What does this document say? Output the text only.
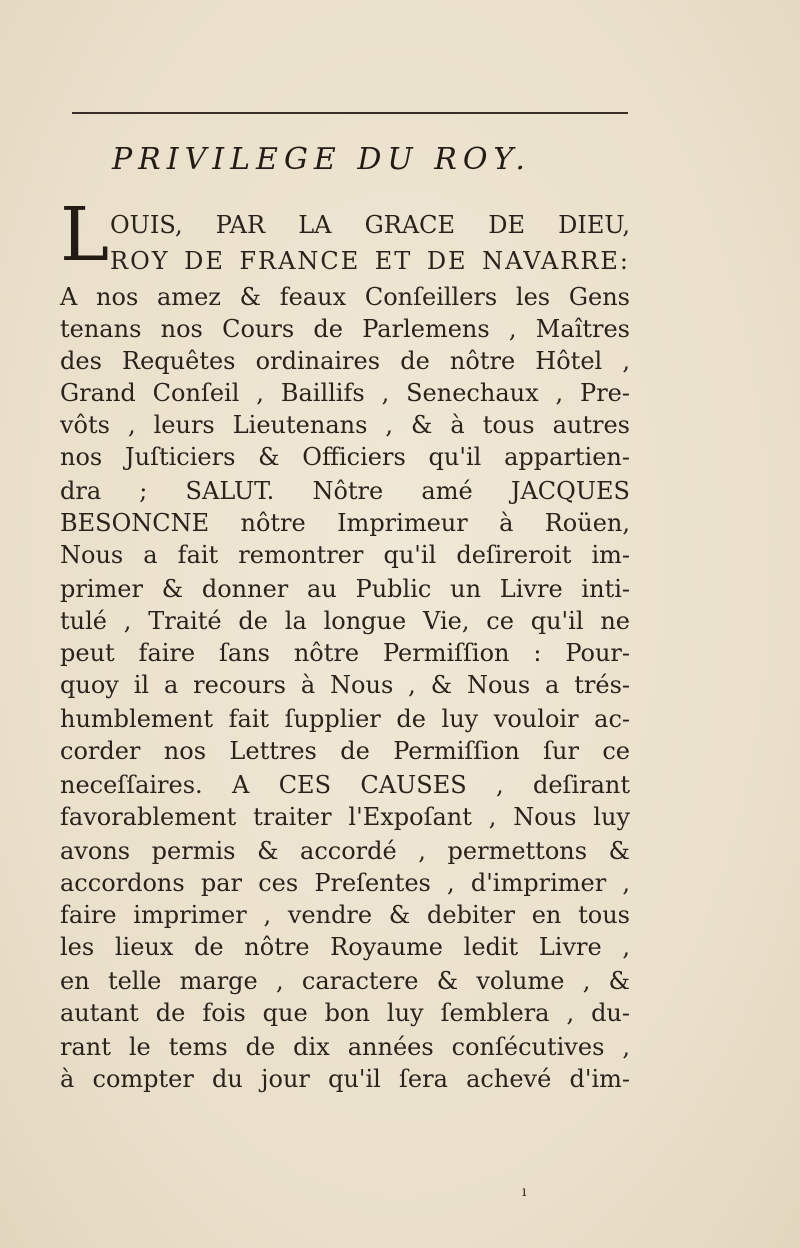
PRIVILEGE DU ROY.
L OUIS, PAR LA GRACE DE DIEU,
ROY DE FRANCE ET DE NAVARRE:
A nos amez & feaux Conſeillers les Gens
tenans nos Cours de Parlemens , Maîtres
des Requêtes ordinaires de nôtre Hôtel ,
Grand Conſeil , Baillifs , Senechaux , Pre-
vôts , leurs Lieutenans , & à tous autres
nos Juſticiers & Officiers qu'il appartien-
dra ; SALUT. Nôtre amé JACQUES
BESONCNE nôtre Imprimeur à Roüen,
Nous a fait remontrer qu'il deſireroit im-
primer & donner au Public un Livre inti-
tulé , Traité de la longue Vie, ce qu'il ne
peut faire ſans nôtre Permiſſion : Pour-
quoy il a recours à Nous , & Nous a trés-
humblement fait ſupplier de luy vouloir ac-
corder nos Lettres de Permiſſion ſur ce
neceſſaires. A CES CAUSES , deſirant
favorablement traiter l'Expoſant , Nous luy
avons permis & accordé , permettons &
accordons par ces Preſentes , d'imprimer ,
faire imprimer , vendre & debiter en tous
les lieux de nôtre Royaume ledit Livre ,
en telle marge , caractere & volume , &
autant de fois que bon luy ſemblera , du-
rant le tems de dix années conſécutives ,
à compter du jour qu'il ſera achevé d'im-
ı
